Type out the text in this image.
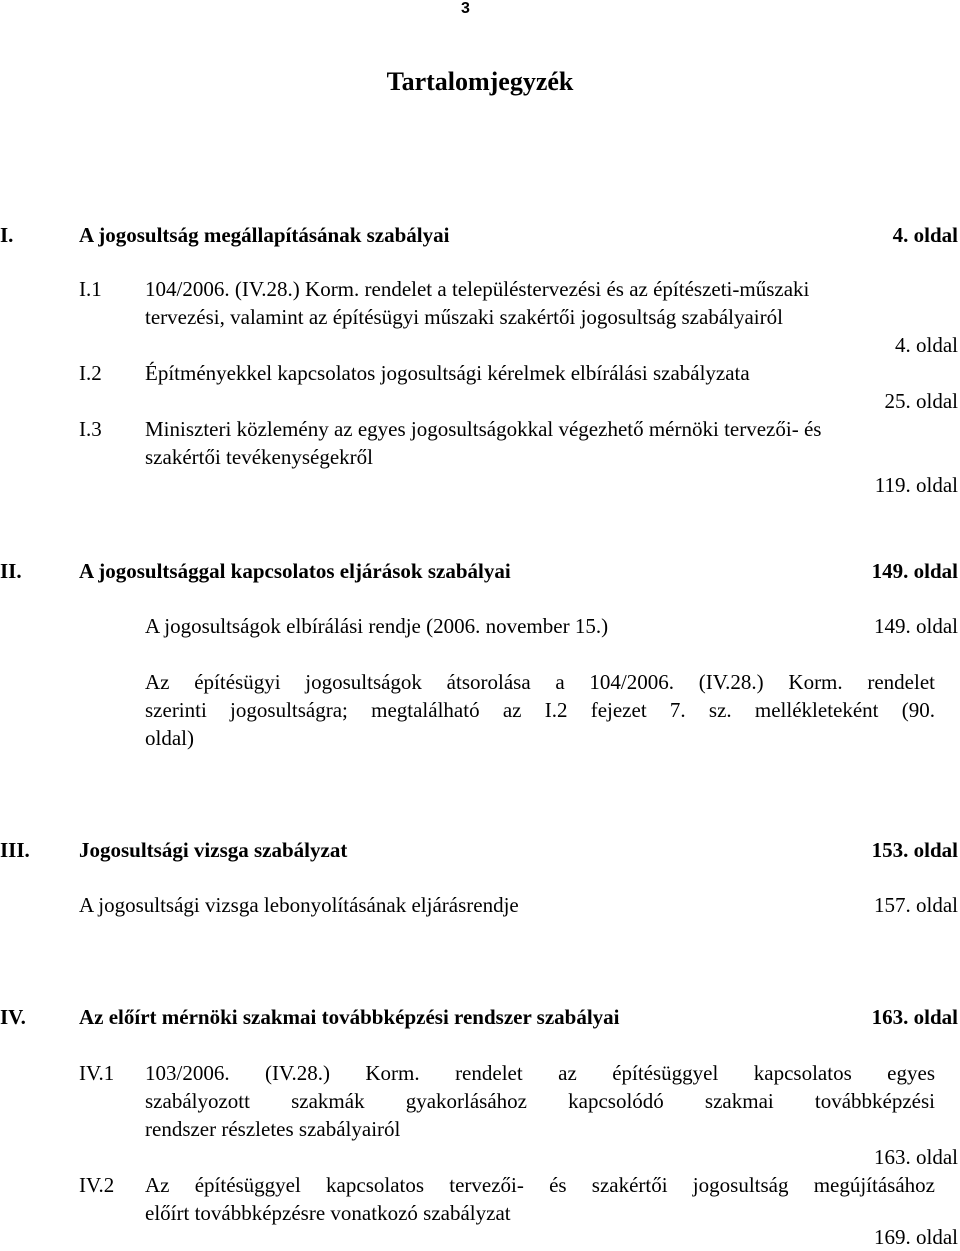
3
Tartalomjegyzék
I.	A jogosultság megállapításának szabályai	4. oldal
I.1 104/2006. (IV.28.) Korm. rendelet a településtervezési és az építészeti-műszaki
tervezési, valamint az építésügyi műszaki szakértői jogosultság szabályairól
4. oldal
I.2 Építményekkel kapcsolatos jogosultsági kérelmek elbírálási szabályzata
25. oldal
I.3 Miniszteri közlemény az egyes jogosultságokkal végezhető mérnöki tervezői- és
szakértői tevékenységekről
119. oldal
II.	A jogosultsággal kapcsolatos eljárások szabályai	149. oldal
A jogosultságok elbírálási rendje (2006. november 15.)	149. oldal
Az építésügyi jogosultságok átsorolása a 104/2006. (IV.28.) Korm. rendelet
szerinti jogosultságra; megtalálható az I.2 fejezet 7. sz. mellékleteként (90.
oldal)
III. Jogosultsági vizsga szabályzat	153. oldal
A jogosultsági vizsga lebonyolításának eljárásrendje	157. oldal
IV.	Az előírt mérnöki szakmai továbbképzési rendszer szabályai	163. oldal
IV.1 103/2006. (IV.28.) Korm. rendelet az építésüggyel kapcsolatos egyes
szabályozott szakmák gyakorlásához kapcsolódó szakmai továbbképzési
rendszer részletes szabályairól
163. oldal
IV.2 Az építésüggyel kapcsolatos tervezői- és szakértői jogosultság megújításához
előírt továbbképzésre vonatkozó szabályzat
169. oldal
